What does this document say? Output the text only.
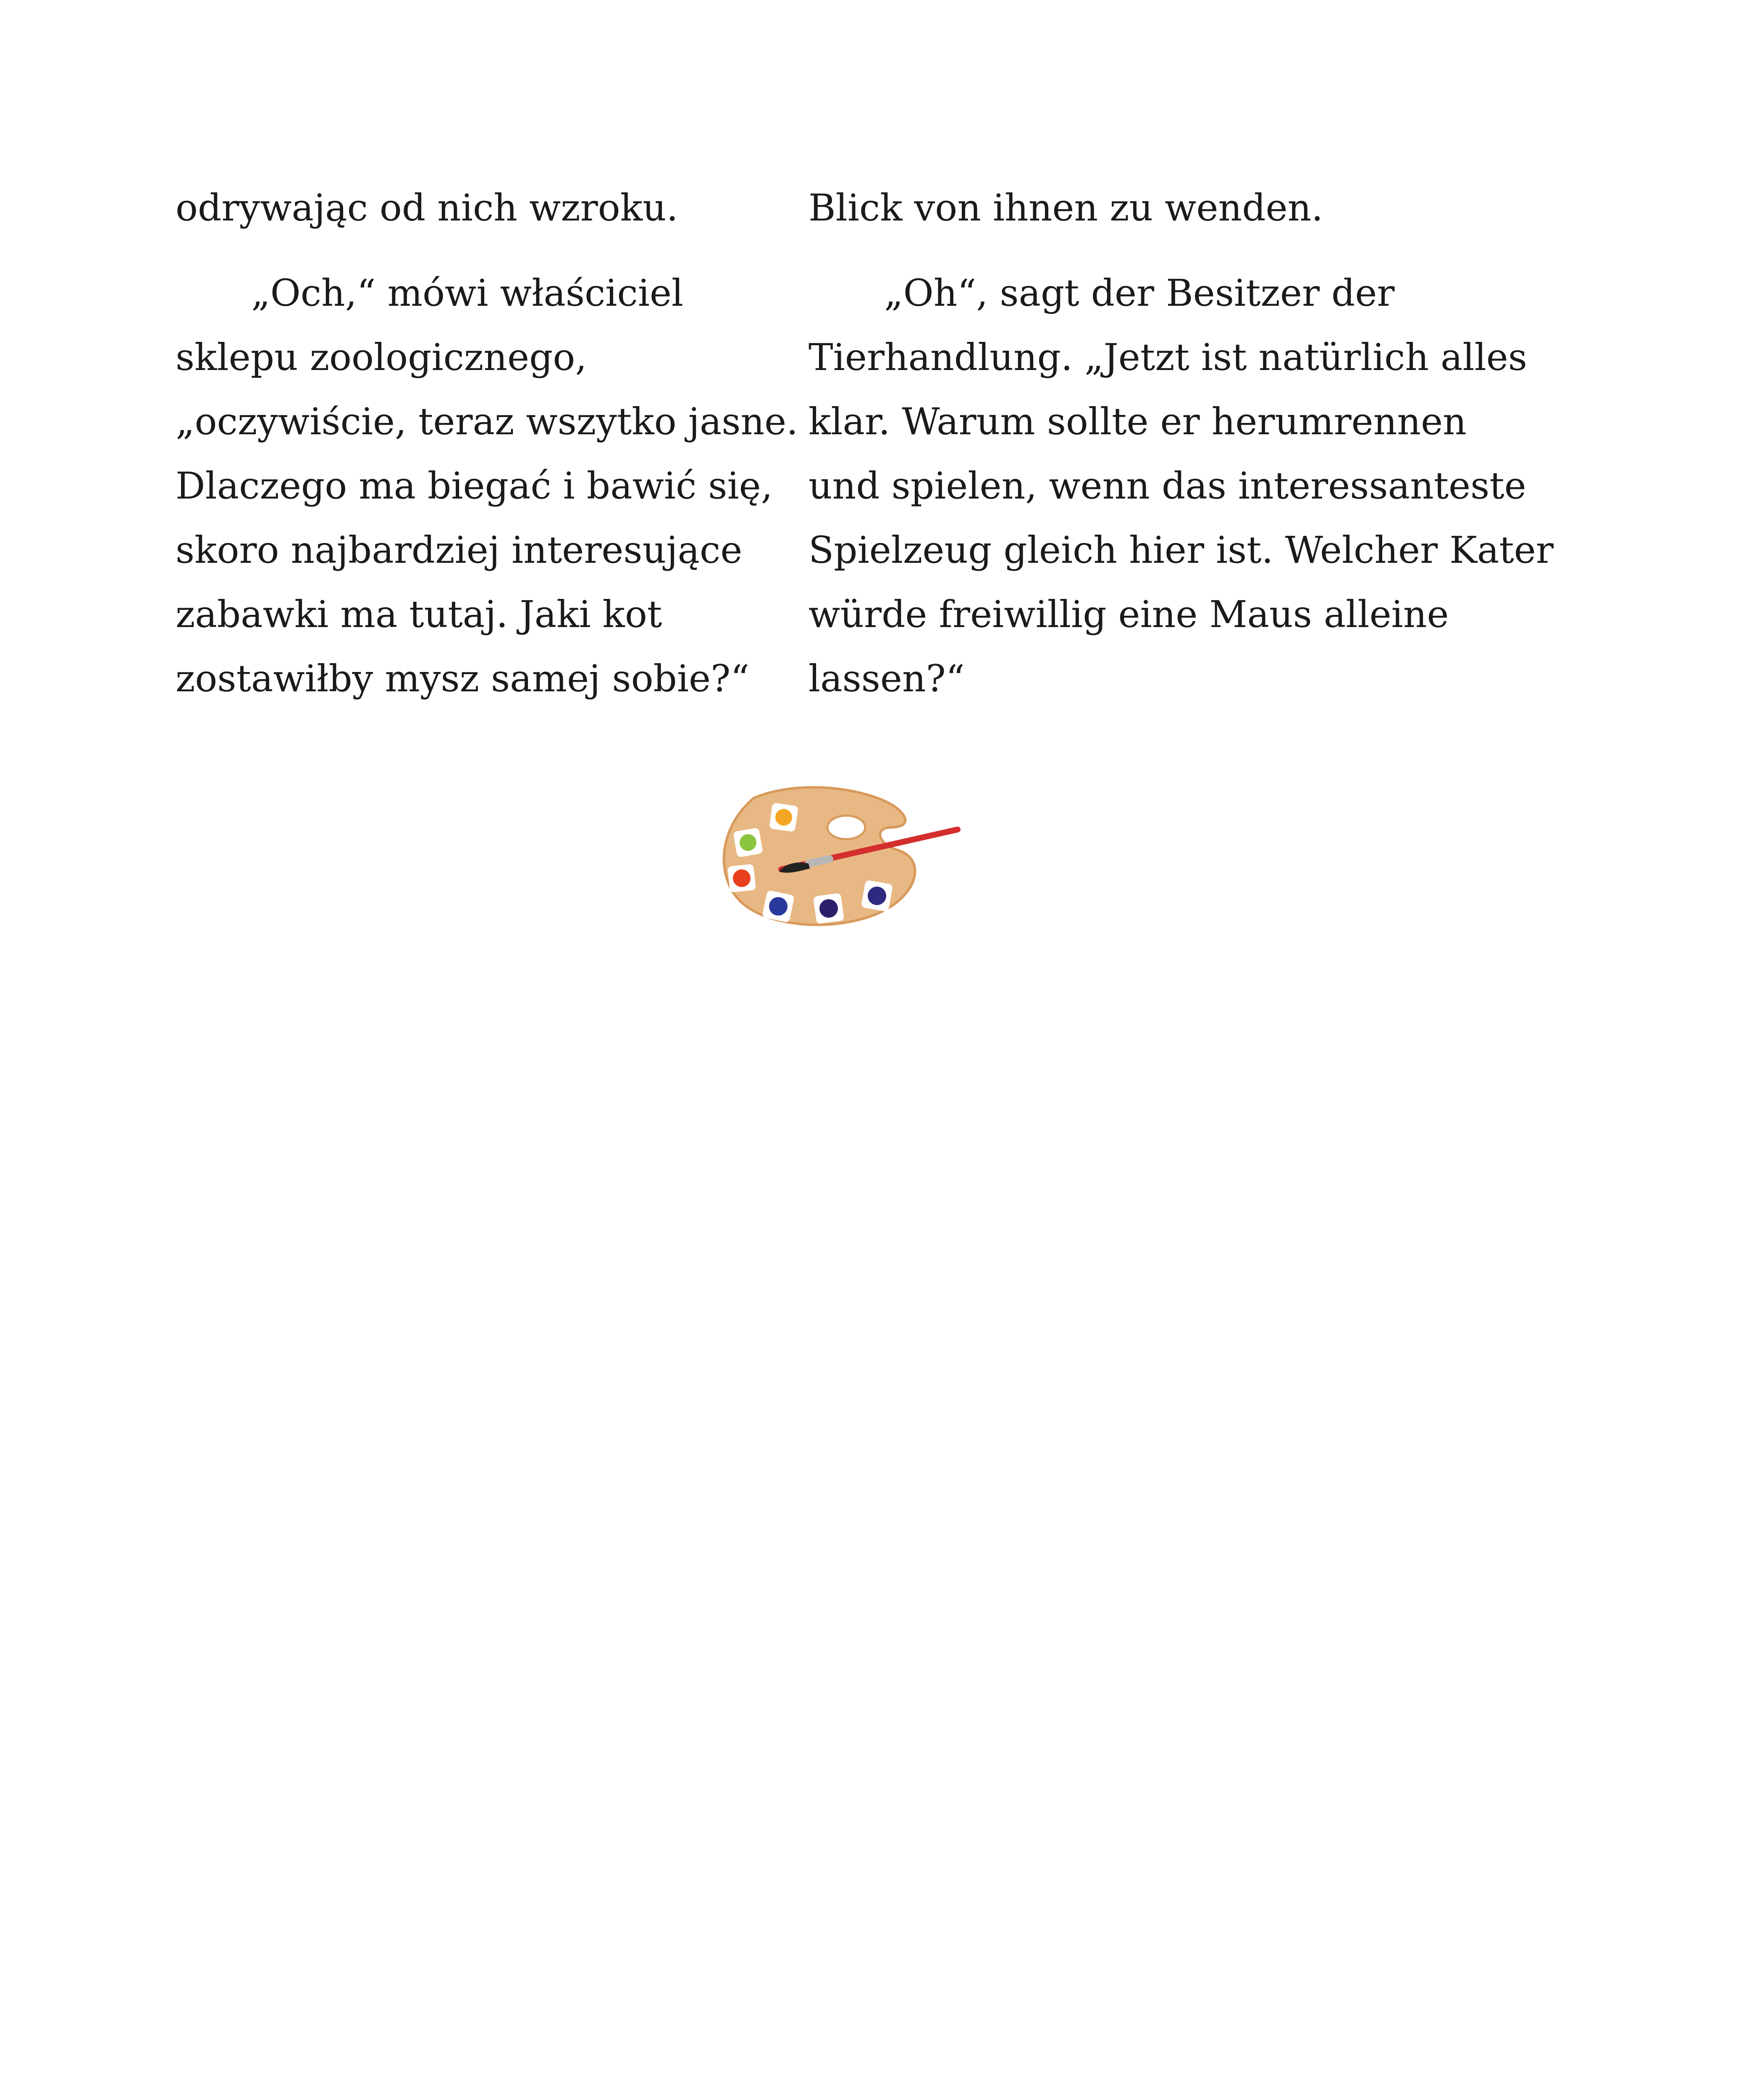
odrywając od nich wzroku.
„Och,“ mówi właściciel
sklepu zoologicznego,
„oczywiście, teraz wszytko jasne.
Dlaczego ma biegać i bawić się,
skoro najbardziej interesujące
zabawki ma tutaj. Jaki kot
zostawiłby mysz samej sobie?“
Blick von ihnen zu wenden.
„Oh“, sagt der Besitzer der
Tierhandlung. „Jetzt ist natürlich alles
klar. Warum sollte er herumrennen
und spielen, wenn das interessanteste
Spielzeug gleich hier ist. Welcher Kater
würde freiwillig eine Maus alleine
lassen?“
